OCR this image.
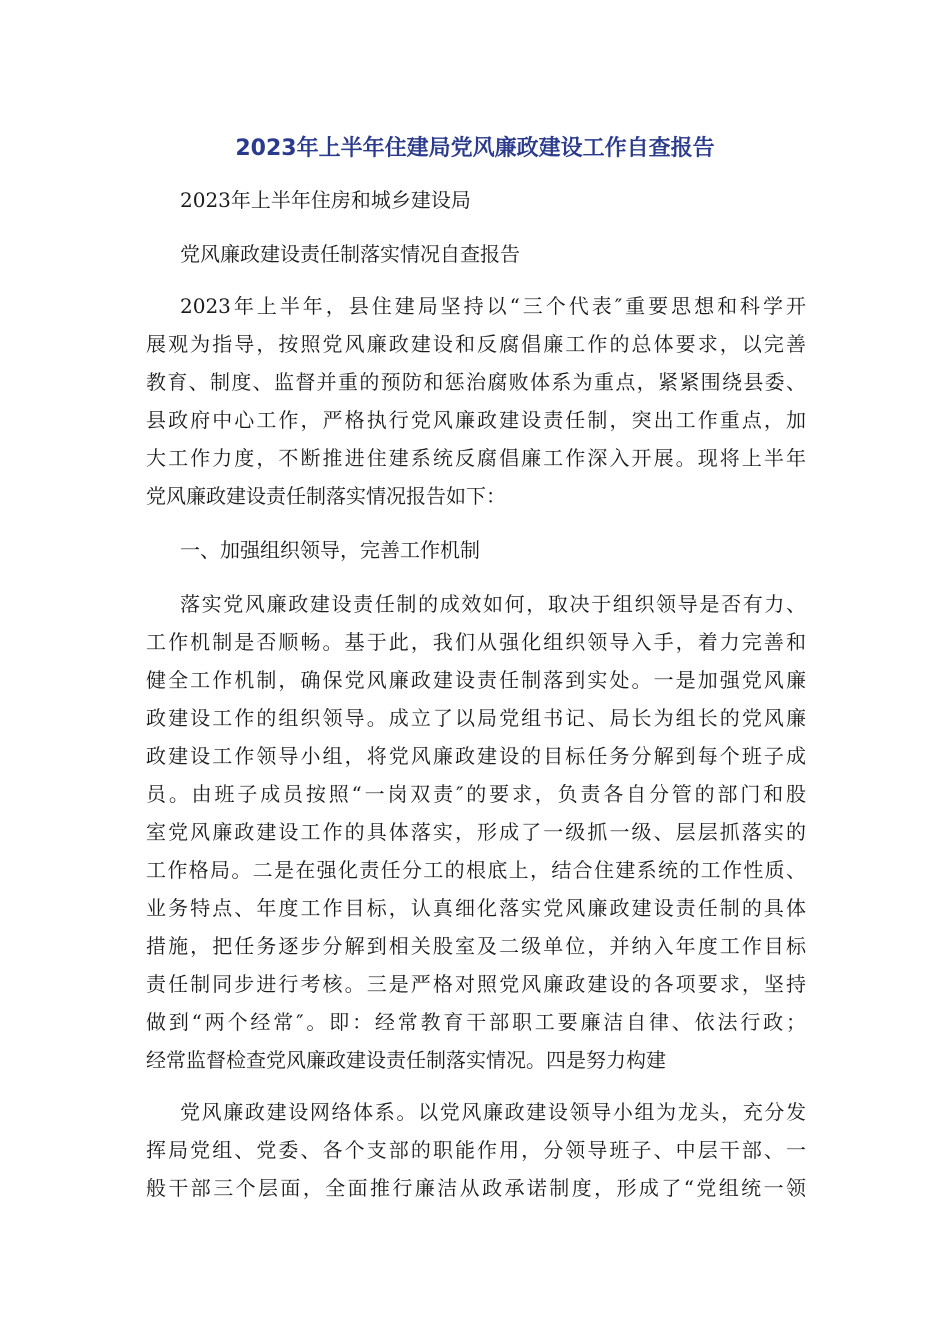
2023年上半年住建局党风廉政建设工作自查报告

2023年上半年住房和城乡建设局

党风廉政建设责任制落实情况自查报告

2023年上半年，县住建局坚持以“三个代表″重要思想和科学开

展观为指导，按照党风廉政建设和反腐倡廉工作的总体要求，以完善

教育、制度、监督并重的预防和惩治腐败体系为重点，紧紧围绕县委、

县政府中心工作，严格执行党风廉政建设责任制，突出工作重点，加

大工作力度，不断推进住建系统反腐倡廉工作深入开展。现将上半年

党风廉政建设责任制落实情况报告如下：

一、加强组织领导，完善工作机制

落实党风廉政建设责任制的成效如何，取决于组织领导是否有力、

工作机制是否顺畅。基于此，我们从强化组织领导入手，着力完善和

健全工作机制，确保党风廉政建设责任制落到实处。一是加强党风廉

政建设工作的组织领导。成立了以局党组书记、局长为组长的党风廉

政建设工作领导小组，将党风廉政建设的目标任务分解到每个班子成

员。由班子成员按照“一岗双责″的要求，负责各自分管的部门和股

室党风廉政建设工作的具体落实，形成了一级抓一级、层层抓落实的

工作格局。二是在强化责任分工的根底上，结合住建系统的工作性质、

业务特点、年度工作目标，认真细化落实党风廉政建设责任制的具体

措施，把任务逐步分解到相关股室及二级单位，并纳入年度工作目标

责任制同步进行考核。三是严格对照党风廉政建设的各项要求，坚持

做到“两个经常″。即：经常教育干部职工要廉洁自律、依法行政；

经常监督检查党风廉政建设责任制落实情况。四是努力构建

党风廉政建设网络体系。以党风廉政建设领导小组为龙头，充分发

挥局党组、党委、各个支部的职能作用，分领导班子、中层干部、一

般干部三个层面，全面推行廉洁从政承诺制度，形成了“党组统一领
